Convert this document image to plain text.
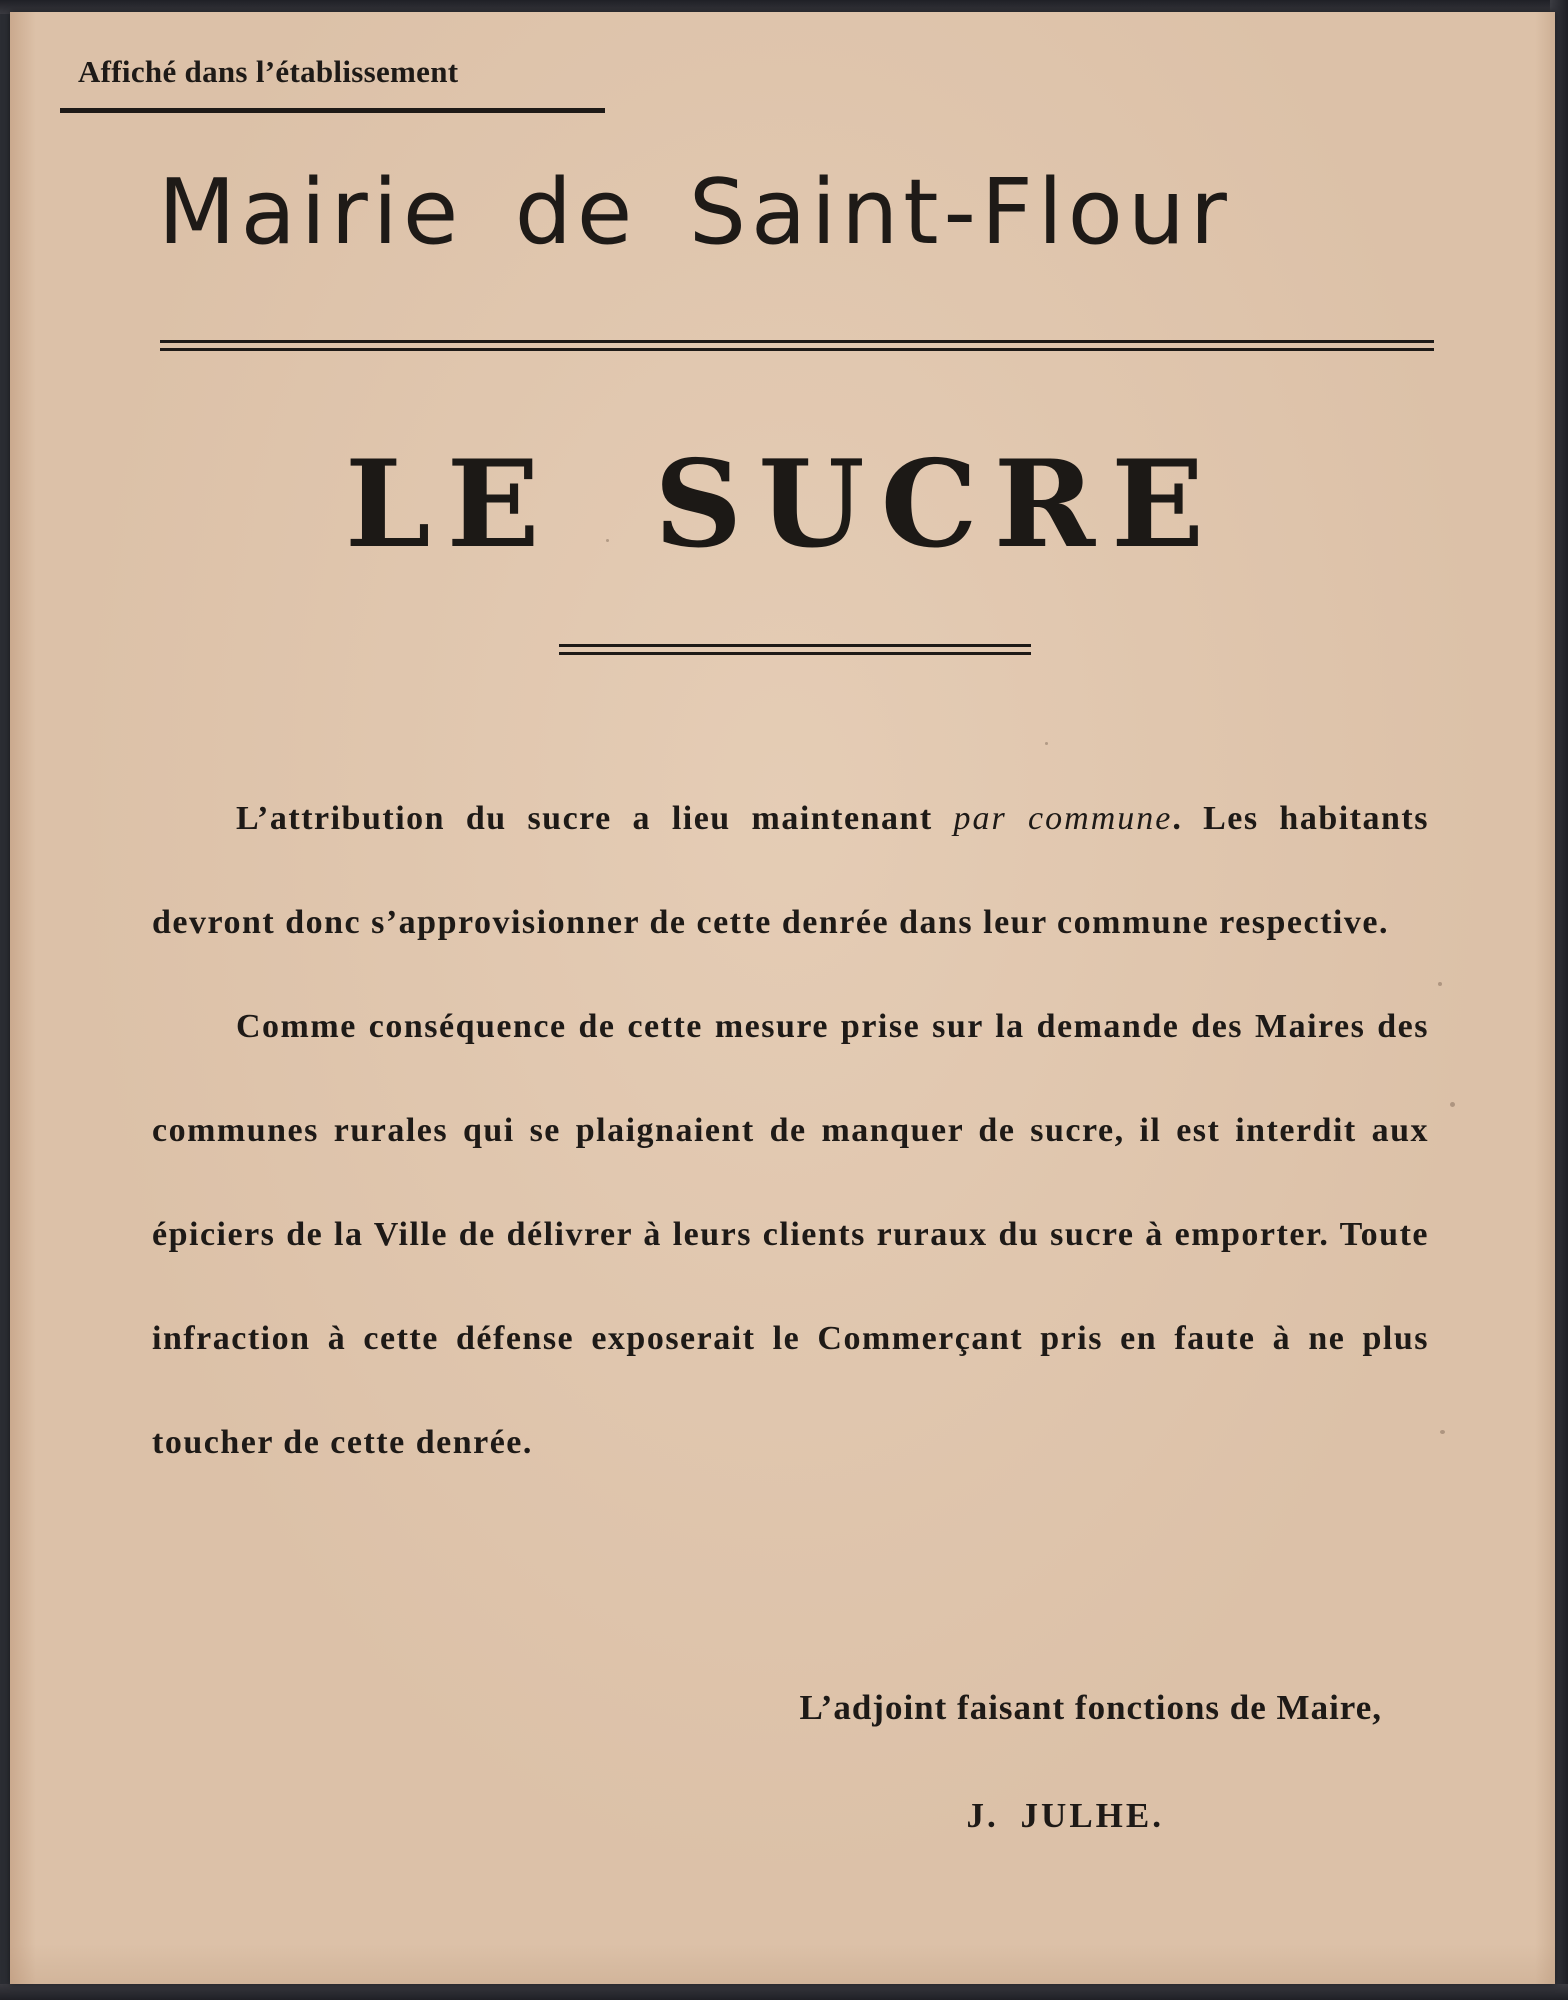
Affiché dans l’établissement
Mairie de Saint-Flour
LE SUCRE

L’attribution du sucre a lieu maintenant par commune. Les habitants devront donc s’approvisionner de cette denrée dans leur commune respective.

Comme conséquence de cette mesure prise sur la demande des Maires des communes rurales qui se plaignaient de manquer de sucre, il est interdit aux épiciers de la Ville de délivrer à leurs clients ruraux du sucre à emporter. Toute infraction à cette défense exposerait le Commerçant pris en faute à ne plus toucher de cette denrée.

L’adjoint faisant fonctions de Maire,
J. JULHE.
